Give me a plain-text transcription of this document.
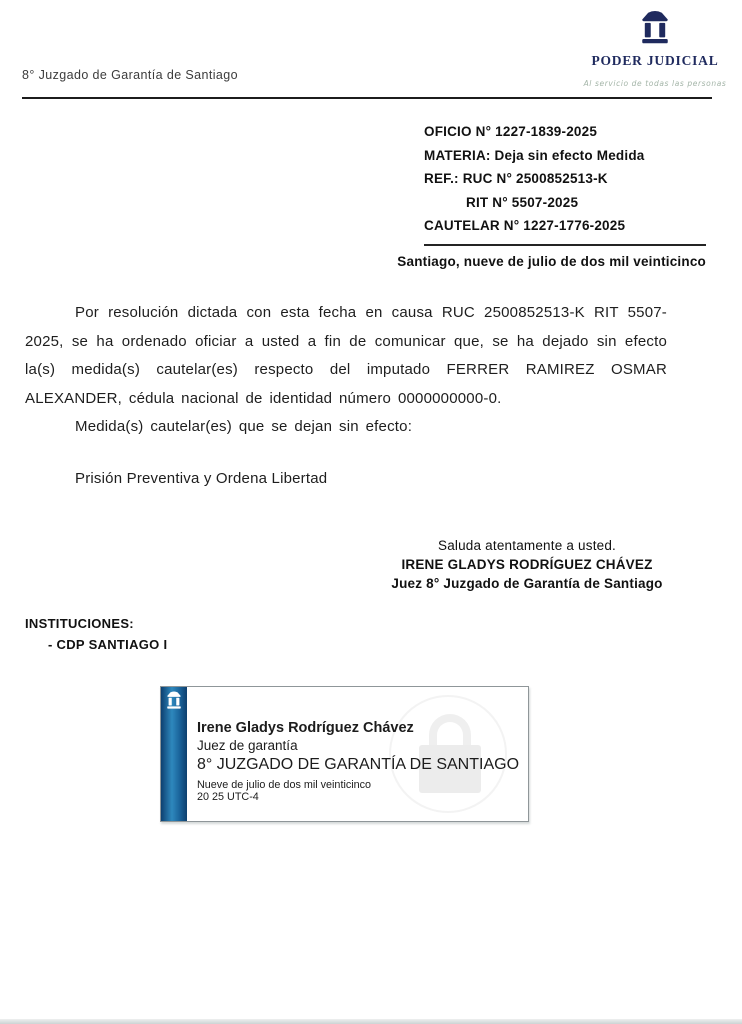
8° Juzgado de Garantía de Santiago
PODER JUDICIAL
Al servicio de todas las personas
OFICIO N° 1227-1839-2025
MATERIA: Deja sin efecto Medida
REF.: RUC N° 2500852513-K
RIT N° 5507-2025
CAUTELAR N° 1227-1776-2025
Santiago, nueve de julio de dos mil veinticinco

Por resolución dictada con esta fecha en causa RUC 2500852513-K RIT 5507-2025, se ha ordenado oficiar a usted a fin de comunicar que, se ha dejado sin efecto la(s) medida(s) cautelar(es) respecto del imputado FERRER RAMIREZ OSMAR ALEXANDER, cédula nacional de identidad número 0000000000-0.

Medida(s) cautelar(es) que se dejan sin efecto:

Prisión Preventiva y Ordena Libertad
Saluda atentamente a usted.
IRENE GLADYS RODRÍGUEZ CHÁVEZ
Juez 8° Juzgado de Garantía de Santiago
INSTITUCIONES:
- CDP SANTIAGO I
Irene Gladys Rodríguez Chávez
Juez de garantía
8° JUZGADO DE GARANTÍA DE SANTIAGO
Nueve de julio de dos mil veinticinco
20 25 UTC-4
